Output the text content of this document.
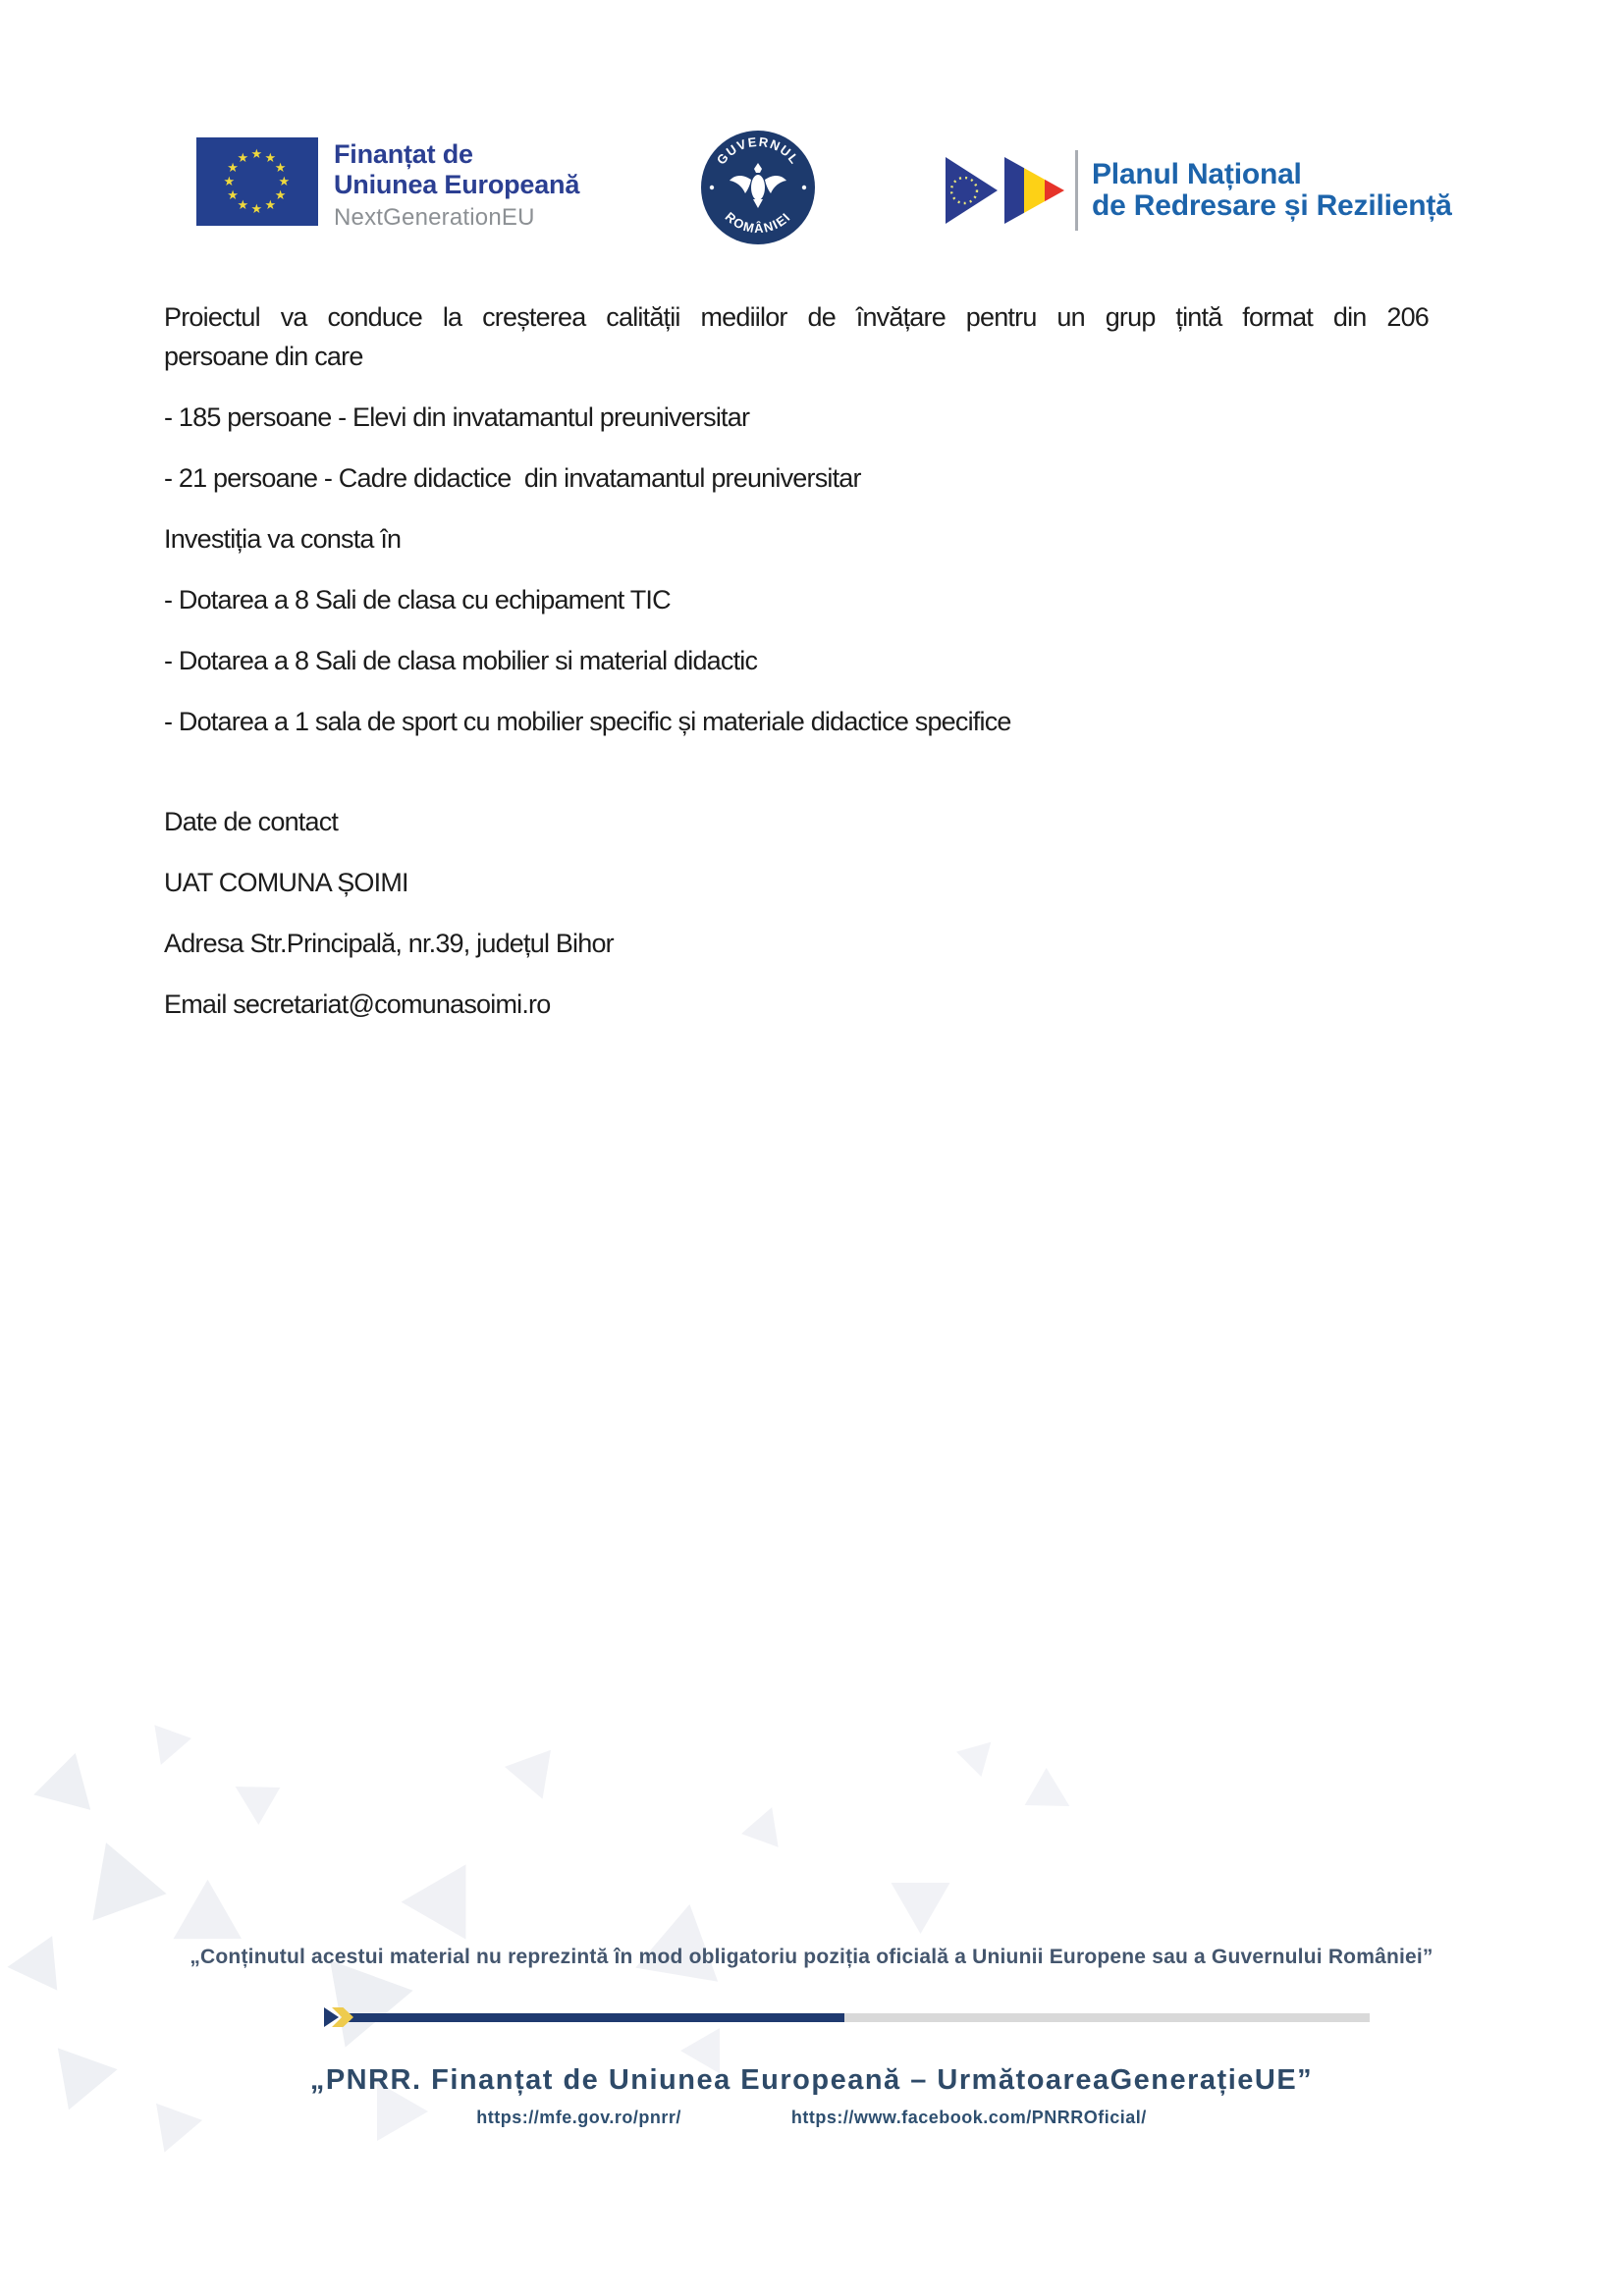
★
★
★
★
★
★
★
★
★ ★ ★
★ Finanțat de
Uniunea Europeană
NextGenerationEU
GUVERNUL
ROMÂNIEI
Planul Național
de Redresare și Reziliență

Proiectul va conduce la creșterea calității mediilor de învățare pentru un grup țintă format din 206

persoane din care

- 185 persoane - Elevi din invatamantul preuniversitar

- 21 persoane - Cadre didactice  din invatamantul preuniversitar

Investiția va consta în

- Dotarea a 8 Sali de clasa cu echipament TIC

- Dotarea a 8 Sali de clasa mobilier si material didactic

- Dotarea a 1 sala de sport cu mobilier specific și materiale didactice specifice

Date de contact

UAT COMUNA ȘOIMI

Adresa Str.Principală, nr.39, județul Bihor

Email secretariat@comunasoimi.ro

„Conținutul acestui material nu reprezintă în mod obligatoriu poziția oficială a Uniunii Europene sau a Guvernului României”
„PNRR. Finanțat de Uniunea Europeană – UrmătoareaGenerațieUE”
https://mfe.gov.ro/pnrr/	https://www.facebook.com/PNRROficial/
